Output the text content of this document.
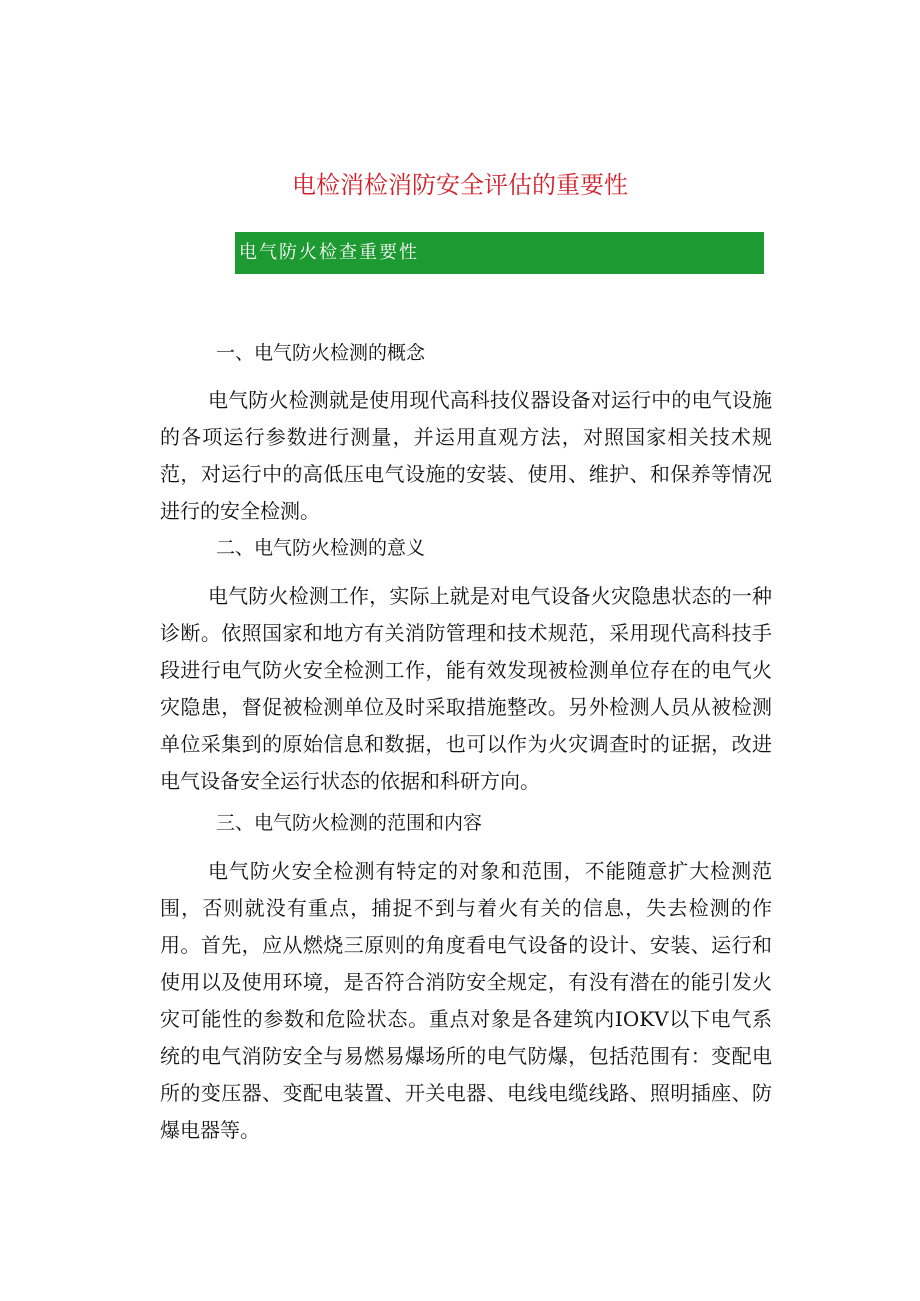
电检消检消防安全评估的重要性
电气防火检查重要性
一、电气防火检测的概念
电气防火检测就是使用现代高科技仪器设备对运行中的电气设施的各项运行参数进行测量，并运用直观方法，对照国家相关技术规范，对运行中的高低压电气设施的安装、使用、维护、和保养等情况进行的安全检测。
二、电气防火检测的意义
电气防火检测工作，实际上就是对电气设备火灾隐患状态的一种诊断。依照国家和地方有关消防管理和技术规范，采用现代高科技手段进行电气防火安全检测工作，能有效发现被检测单位存在的电气火灾隐患，督促被检测单位及时采取措施整改。另外检测人员从被检测单位采集到的原始信息和数据，也可以作为火灾调查时的证据，改进电气设备安全运行状态的依据和科研方向。
三、电气防火检测的范围和内容
电气防火安全检测有特定的对象和范围，不能随意扩大检测范围，否则就没有重点，捕捉不到与着火有关的信息，失去检测的作用。首先，应从燃烧三原则的角度看电气设备的设计、安装、运行和使用以及使用环境，是否符合消防安全规定，有没有潜在的能引发火灾可能性的参数和危险状态。重点对象是各建筑内IOKV以下电气系统的电气消防安全与易燃易爆场所的电气防爆，包括范围有：变配电所的变压器、变配电装置、开关电器、电线电缆线路、照明插座、防爆电器等。
